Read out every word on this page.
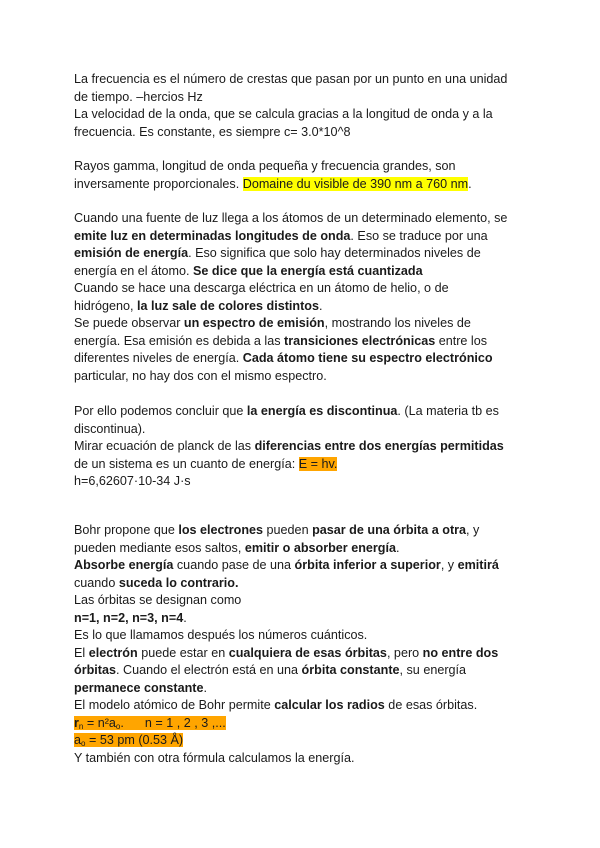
La frecuencia es el número de crestas que pasan por un punto en una unidad
de tiempo. –hercios Hz
La velocidad de la onda, que se calcula gracias a la longitud de onda y a la
frecuencia. Es constante, es siempre c= 3.0*10^8
Rayos gamma, longitud de onda pequeña y frecuencia grandes, son
inversamente proporcionales. Domaine du visible de 390 nm a 760 nm.
Cuando una fuente de luz llega a los átomos de un determinado elemento, se
emite luz en determinadas longitudes de onda. Eso se traduce por una
emisión de energía. Eso significa que solo hay determinados niveles de
energía en el átomo. Se dice que la energía está cuantizada
Cuando se hace una descarga eléctrica en un átomo de helio, o de
hidrógeno, la luz sale de colores distintos.
Se puede observar un espectro de emisión, mostrando los niveles de
energía. Esa emisión es debida a las transiciones electrónicas entre los
diferentes niveles de energía. Cada átomo tiene su espectro electrónico
particular, no hay dos con el mismo espectro.
Por ello podemos concluir que la energía es discontinua. (La materia tb es
discontinua).
Mirar ecuación de planck de las diferencias entre dos energías permitidas
de un sistema es un cuanto de energía: E = hv.
h=6,62607·10-34 J·s
Bohr propone que los electrones pueden pasar de una órbita a otra, y
pueden mediante esos saltos, emitir o absorber energía.
Absorbe energía cuando pase de una órbita inferior a superior, y emitirá
cuando suceda lo contrario.
Las órbitas se designan como
n=1, n=2, n=3, n=4.
Es lo que llamamos después los números cuánticos.
El electrón puede estar en cualquiera de esas órbitas, pero no entre dos
órbitas. Cuando el electrón está en una órbita constante, su energía
permanece constante.
El modelo atómico de Bohr permite calcular los radios de esas órbitas.
$r_n = n^2a_o$.      n = 1 , 2 , 3 ,...
$a_o = 53$ pm (0.53 Å)
Y también con otra fórmula calculamos la energía.
